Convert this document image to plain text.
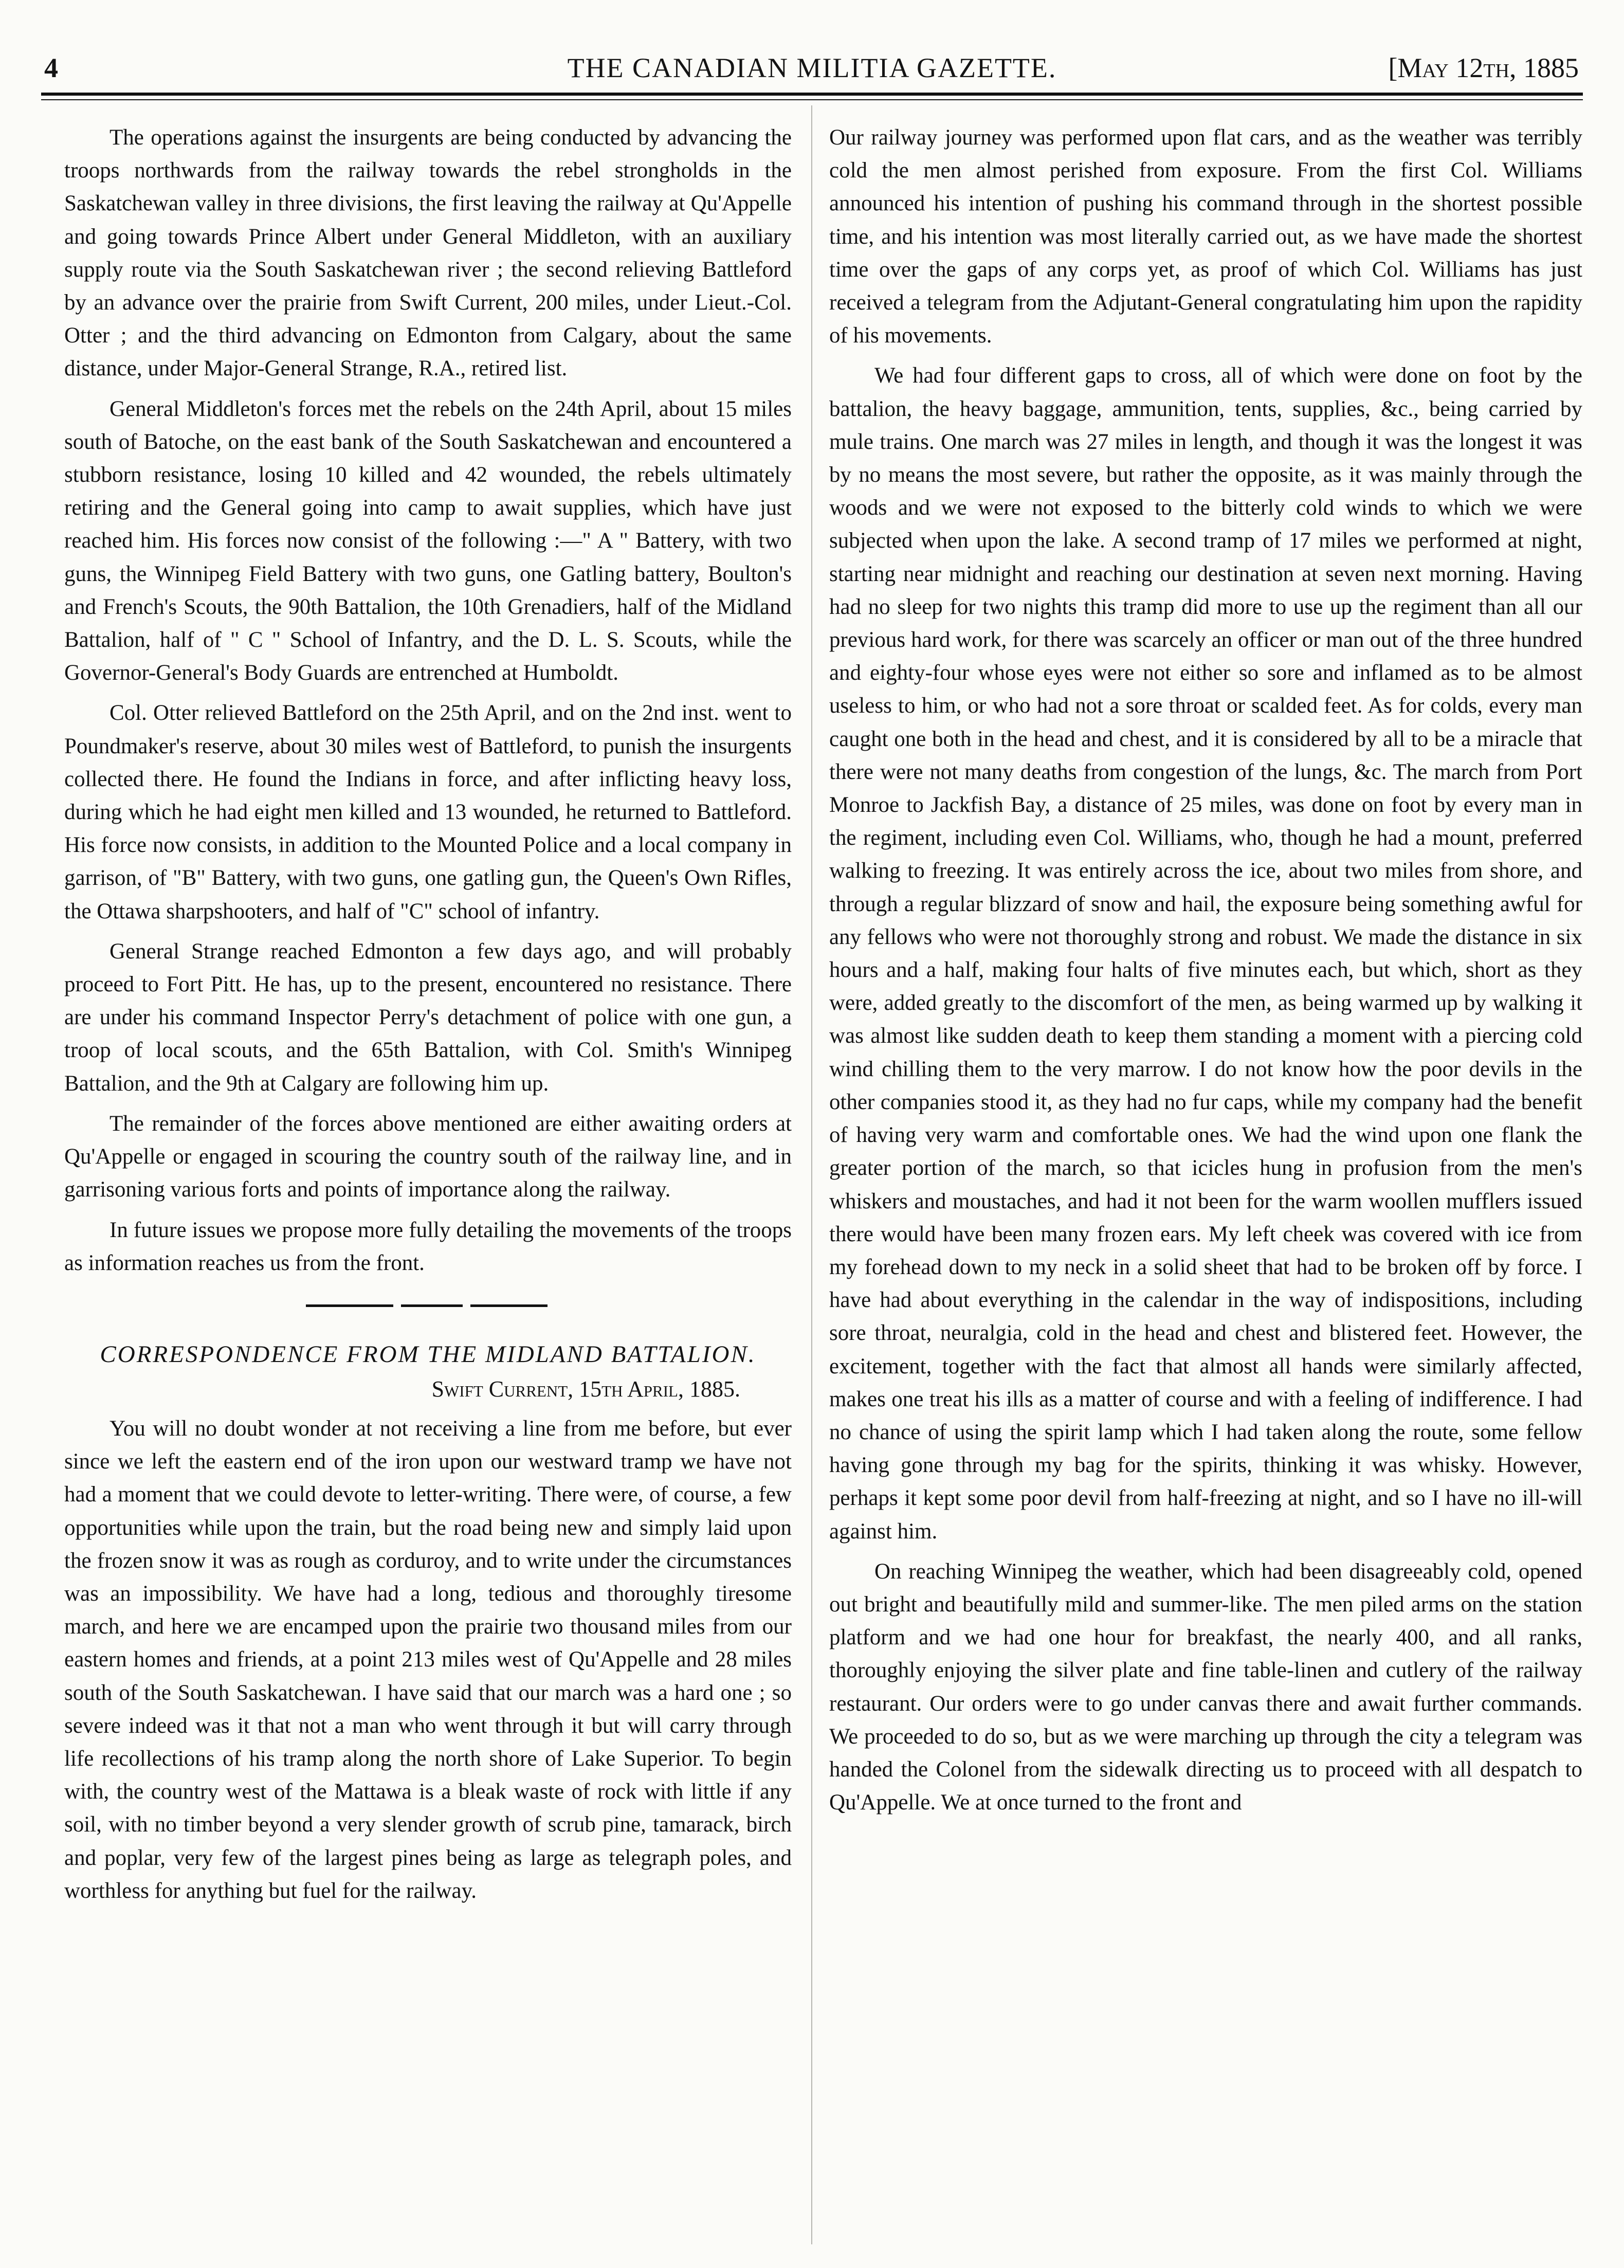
4	THE CANADIAN MILITIA GAZETTE.	[May 12th, 1885

The operations against the insurgents are being conducted by advancing the troops northwards from the railway towards the rebel strongholds in the Saskatchewan valley in three divisions, the first leaving the railway at Qu'Appelle and going towards Prince Albert under General Middleton, with an auxiliary supply route via the South Saskatchewan river ; the second relieving Battleford by an advance over the prairie from Swift Current, 200 miles, under Lieut.-Col. Otter ; and the third advancing on Edmonton from Calgary, about the same distance, under Major-General Strange, R.A., retired list.

General Middleton's forces met the rebels on the 24th April, about 15 miles south of Batoche, on the east bank of the South Saskatchewan and encountered a stubborn resistance, losing 10 killed and 42 wounded, the rebels ultimately retiring and the General going into camp to await supplies, which have just reached him. His forces now consist of the following :—" A " Battery, with two guns, the Winnipeg Field Battery with two guns, one Gatling battery, Boulton's and French's Scouts, the 90th Battalion, the 10th Grenadiers, half of the Midland Battalion, half of " C " School of Infantry, and the D. L. S. Scouts, while the Governor-General's Body Guards are entrenched at Humboldt.

Col. Otter relieved Battleford on the 25th April, and on the 2nd inst. went to Poundmaker's reserve, about 30 miles west of Battleford, to punish the insurgents collected there. He found the Indians in force, and after inflicting heavy loss, during which he had eight men killed and 13 wounded, he returned to Battleford. His force now consists, in addition to the Mounted Police and a local company in garrison, of "B" Battery, with two guns, one gatling gun, the Queen's Own Rifles, the Ottawa sharpshooters, and half of "C" school of infantry.

General Strange reached Edmonton a few days ago, and will probably proceed to Fort Pitt. He has, up to the present, encountered no resistance. There are under his command Inspector Perry's detachment of police with one gun, a troop of local scouts, and the 65th Battalion, with Col. Smith's Winnipeg Battalion, and the 9th at Calgary are following him up.

The remainder of the forces above mentioned are either awaiting orders at Qu'Appelle or engaged in scouring the country south of the railway line, and in garrisoning various forts and points of importance along the railway.

In future issues we propose more fully detailing the movements of the troops as information reaches us from the front.

CORRESPONDENCE FROM THE MIDLAND BATTALION.
Swift Current, 15th April, 1885.

You will no doubt wonder at not receiving a line from me before, but ever since we left the eastern end of the iron upon our westward tramp we have not had a moment that we could devote to letter-writing. There were, of course, a few opportunities while upon the train, but the road being new and simply laid upon the frozen snow it was as rough as corduroy, and to write under the circumstances was an impossibility. We have had a long, tedious and thoroughly tiresome march, and here we are encamped upon the prairie two thousand miles from our eastern homes and friends, at a point 213 miles west of Qu'Appelle and 28 miles south of the South Saskatchewan. I have said that our march was a hard one ; so severe indeed was it that not a man who went through it but will carry through life recollections of his tramp along the north shore of Lake Superior. To begin with, the country west of the Mattawa is a bleak waste of rock with little if any soil, with no timber beyond a very slender growth of scrub pine, tamarack, birch and poplar, very few of the largest pines being as large as telegraph poles, and worthless for anything but fuel for the railway.

Our railway journey was performed upon flat cars, and as the weather was terribly cold the men almost perished from exposure. From the first Col. Williams announced his intention of pushing his command through in the shortest possible time, and his intention was most literally carried out, as we have made the shortest time over the gaps of any corps yet, as proof of which Col. Williams has just received a telegram from the Adjutant-General congratulating him upon the rapidity of his movements.

We had four different gaps to cross, all of which were done on foot by the battalion, the heavy baggage, ammunition, tents, supplies, &c., being carried by mule trains. One march was 27 miles in length, and though it was the longest it was by no means the most severe, but rather the opposite, as it was mainly through the woods and we were not exposed to the bitterly cold winds to which we were subjected when upon the lake. A second tramp of 17 miles we performed at night, starting near midnight and reaching our destination at seven next morning. Having had no sleep for two nights this tramp did more to use up the regiment than all our previous hard work, for there was scarcely an officer or man out of the three hundred and eighty-four whose eyes were not either so sore and inflamed as to be almost useless to him, or who had not a sore throat or scalded feet. As for colds, every man caught one both in the head and chest, and it is considered by all to be a miracle that there were not many deaths from congestion of the lungs, &c. The march from Port Monroe to Jackfish Bay, a distance of 25 miles, was done on foot by every man in the regiment, including even Col. Williams, who, though he had a mount, preferred walking to freezing. It was entirely across the ice, about two miles from shore, and through a regular blizzard of snow and hail, the exposure being something awful for any fellows who were not thoroughly strong and robust. We made the distance in six hours and a half, making four halts of five minutes each, but which, short as they were, added greatly to the discomfort of the men, as being warmed up by walking it was almost like sudden death to keep them standing a moment with a piercing cold wind chilling them to the very marrow. I do not know how the poor devils in the other companies stood it, as they had no fur caps, while my company had the benefit of having very warm and comfortable ones. We had the wind upon one flank the greater portion of the march, so that icicles hung in profusion from the men's whiskers and moustaches, and had it not been for the warm woollen mufflers issued there would have been many frozen ears. My left cheek was covered with ice from my forehead down to my neck in a solid sheet that had to be broken off by force. I have had about everything in the calendar in the way of indispositions, including sore throat, neuralgia, cold in the head and chest and blistered feet. However, the excitement, together with the fact that almost all hands were similarly affected, makes one treat his ills as a matter of course and with a feeling of indifference. I had no chance of using the spirit lamp which I had taken along the route, some fellow having gone through my bag for the spirits, thinking it was whisky. However, perhaps it kept some poor devil from half-freezing at night, and so I have no ill-will against him.

On reaching Winnipeg the weather, which had been disagreeably cold, opened out bright and beautifully mild and summer-like. The men piled arms on the station platform and we had one hour for breakfast, the nearly 400, and all ranks, thoroughly enjoying the silver plate and fine table-linen and cutlery of the railway restaurant. Our orders were to go under canvas there and await further commands. We proceeded to do so, but as we were marching up through the city a telegram was handed the Colonel from the sidewalk directing us to proceed with all despatch to Qu'Appelle. We at once turned to the front and
